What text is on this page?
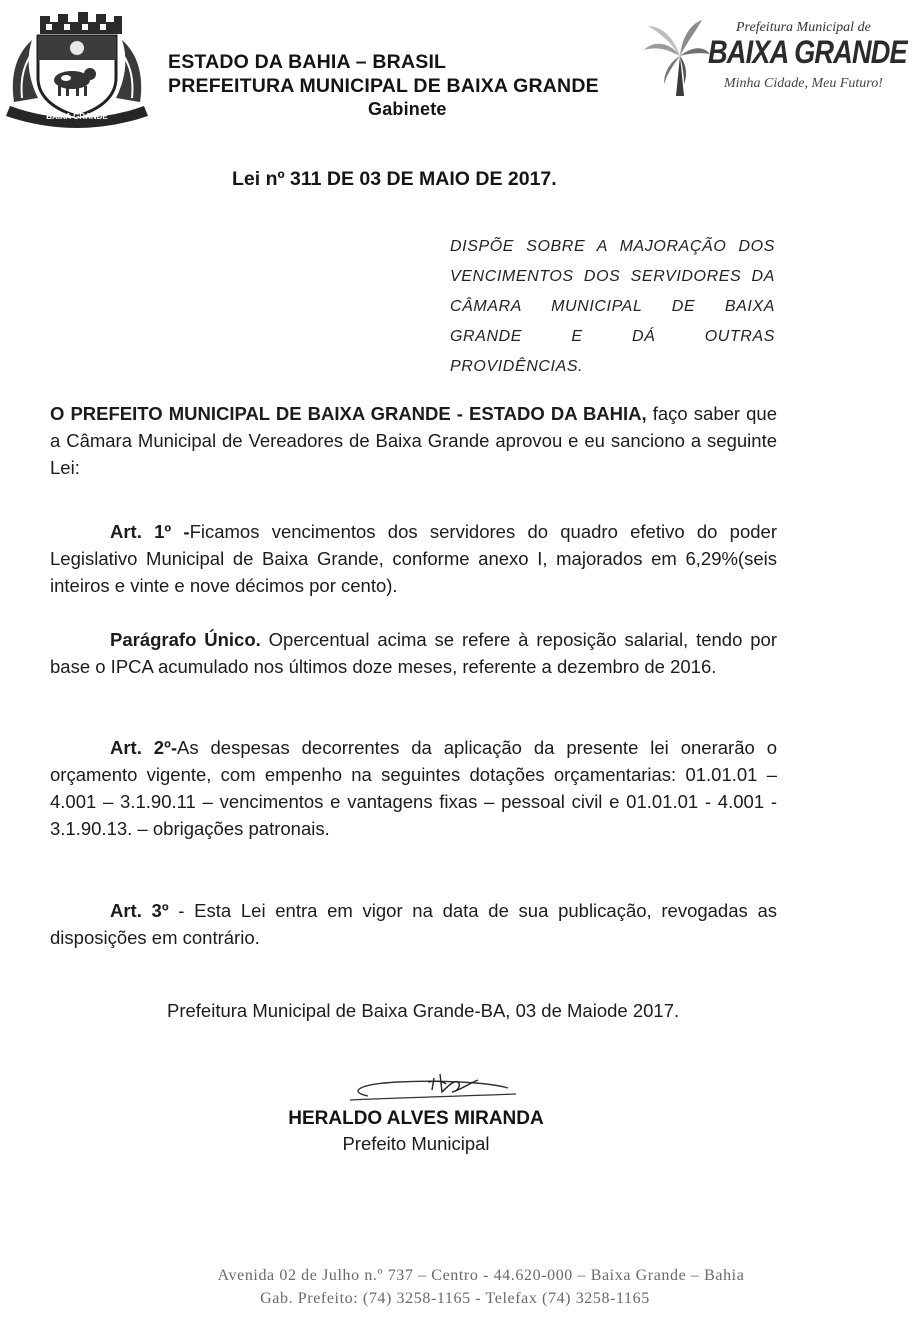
BAIXA GRANDE
ESTADO DA BAHIA – BRASIL
PREFEITURA MUNICIPAL DE BAIXA GRANDE
Gabinete
Prefeitura Municipal de
BAIXA GRANDE
Minha Cidade, Meu Futuro!
Lei nº 311 DE 03 DE MAIO DE 2017.
DISPÕE SOBRE A MAJORAÇÃO DOS
VENCIMENTOS DOS SERVIDORES DA
CÂMARA MUNICIPAL DE BAIXA
GRANDE E DÁ OUTRAS PROVIDÊNCIAS.
O PREFEITO MUNICIPAL DE BAIXA GRANDE - ESTADO DA BAHIA, faço saber que a Câmara Municipal de Vereadores de Baixa Grande aprovou e eu sanciono a seguinte Lei:
Art. 1º -Ficamos vencimentos dos servidores do quadro efetivo do poder Legislativo Municipal de Baixa Grande, conforme anexo I, majorados em 6,29%(seis inteiros e vinte e nove décimos por cento).
Parágrafo Único. Opercentual acima se refere à reposição salarial, tendo por base o IPCA acumulado nos últimos doze meses, referente a dezembro de 2016.
Art. 2º-As despesas decorrentes da aplicação da presente lei onerarão o orçamento vigente, com empenho na seguintes dotações orçamentarias: 01.01.01 – 4.001 – 3.1.90.11 – vencimentos e vantagens fixas – pessoal civil e 01.01.01 - 4.001 - 3.1.90.13. – obrigações patronais.
Art. 3º - Esta Lei entra em vigor na data de sua publicação, revogadas as disposições em contrário.
Prefeitura Municipal de Baixa Grande-BA, 03 de Maiode 2017.
HERALDO ALVES MIRANDA
Prefeito Municipal
Avenida 02 de Julho n.º 737 – Centro - 44.620-000 – Baixa Grande – Bahia
Gab. Prefeito: (74) 3258-1165 - Telefax (74) 3258-1165
